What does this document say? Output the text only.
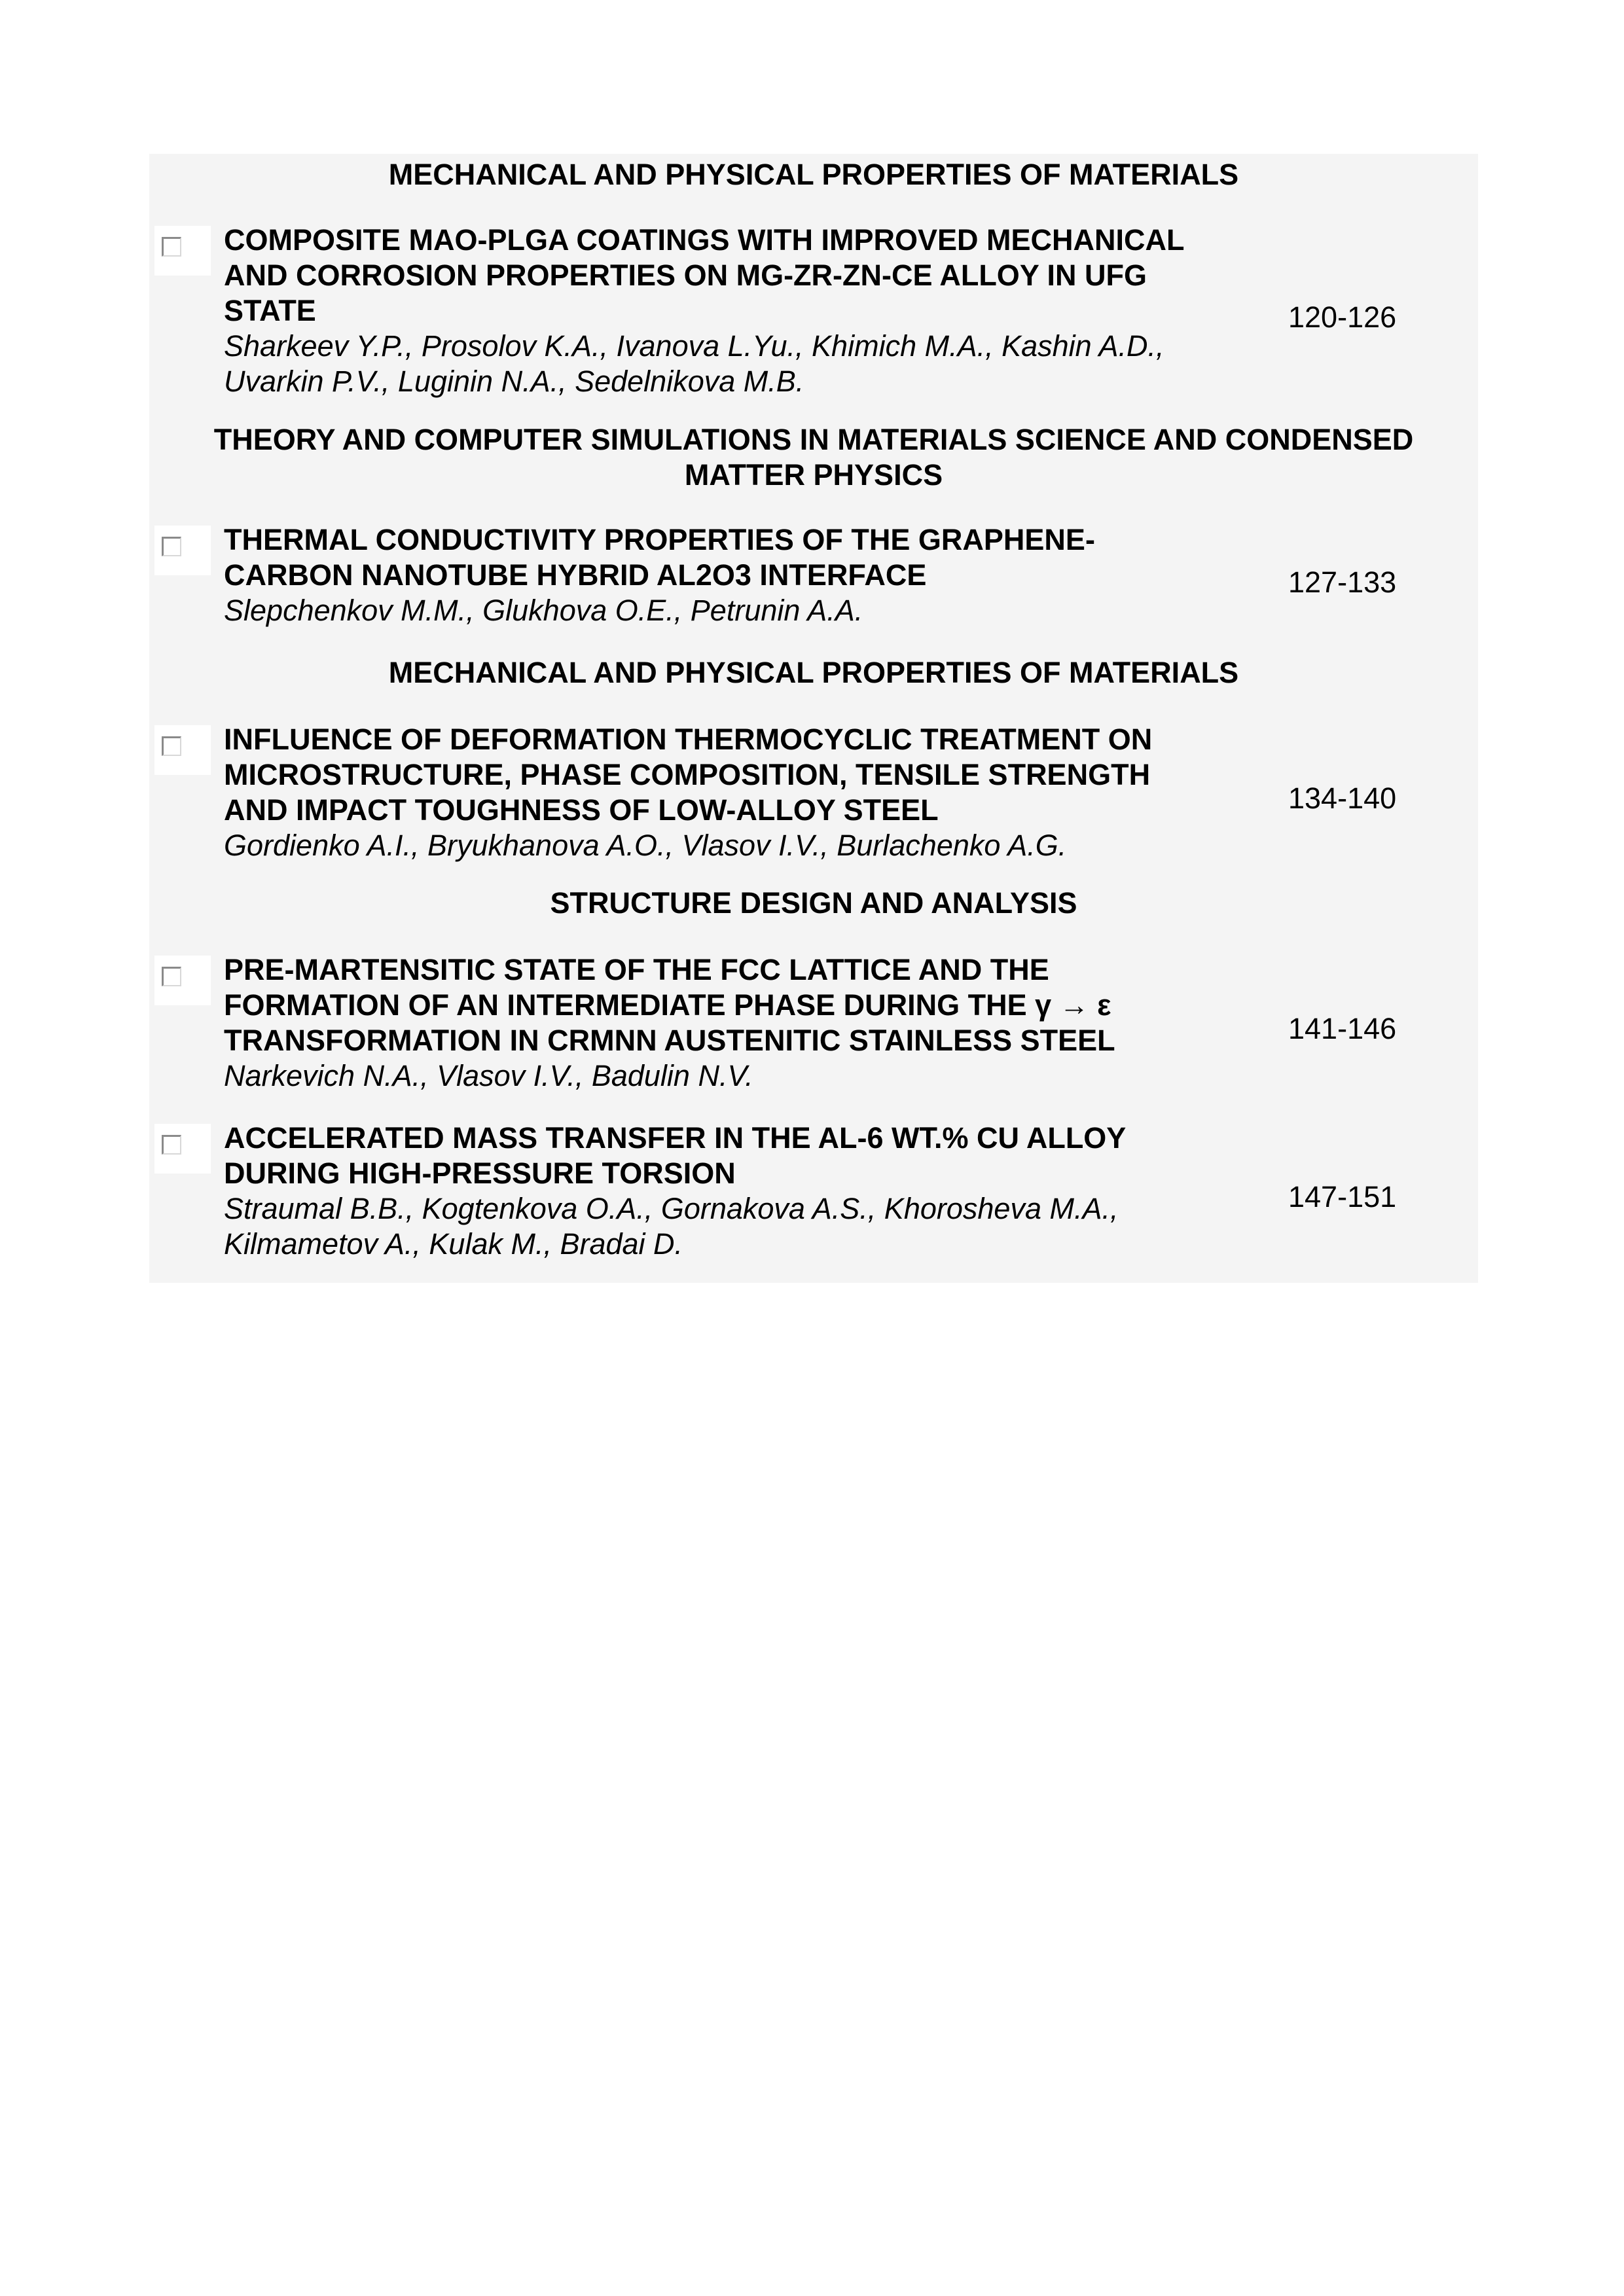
MECHANICAL AND PHYSICAL PROPERTIES OF MATERIALS
COMPOSITE MAO-PLGA COATINGS WITH IMPROVED MECHANICAL
AND CORROSION PROPERTIES ON MG-ZR-ZN-CE ALLOY IN UFG
STATE
Sharkeev Y.P., Prosolov K.A., Ivanova L.Yu., Khimich M.A., Kashin A.D.,
Uvarkin P.V., Luginin N.A., Sedelnikova M.B.
120-126
THEORY AND COMPUTER SIMULATIONS IN MATERIALS SCIENCE AND CONDENSED
MATTER PHYSICS
THERMAL CONDUCTIVITY PROPERTIES OF THE GRAPHENE-
CARBON NANOTUBE HYBRID AL2O3 INTERFACE
Slepchenkov M.M., Glukhova O.E., Petrunin A.A.
127-133
MECHANICAL AND PHYSICAL PROPERTIES OF MATERIALS
INFLUENCE OF DEFORMATION THERMOCYCLIC TREATMENT ON
MICROSTRUCTURE, PHASE COMPOSITION, TENSILE STRENGTH
AND IMPACT TOUGHNESS OF LOW-ALLOY STEEL
Gordienko A.I., Bryukhanova A.O., Vlasov I.V., Burlachenko A.G.
134-140
STRUCTURE DESIGN AND ANALYSIS
PRE-MARTENSITIC STATE OF THE FCC LATTICE AND THE
FORMATION OF AN INTERMEDIATE PHASE DURING THE γ → ε
TRANSFORMATION IN CRMNN AUSTENITIC STAINLESS STEEL
Narkevich N.A., Vlasov I.V., Badulin N.V.
141-146
ACCELERATED MASS TRANSFER IN THE AL-6 WT.% CU ALLOY
DURING HIGH-PRESSURE TORSION
Straumal B.B., Kogtenkova O.A., Gornakova A.S., Khorosheva M.A.,
Kilmametov A., Kulak M., Bradai D.
147-151
